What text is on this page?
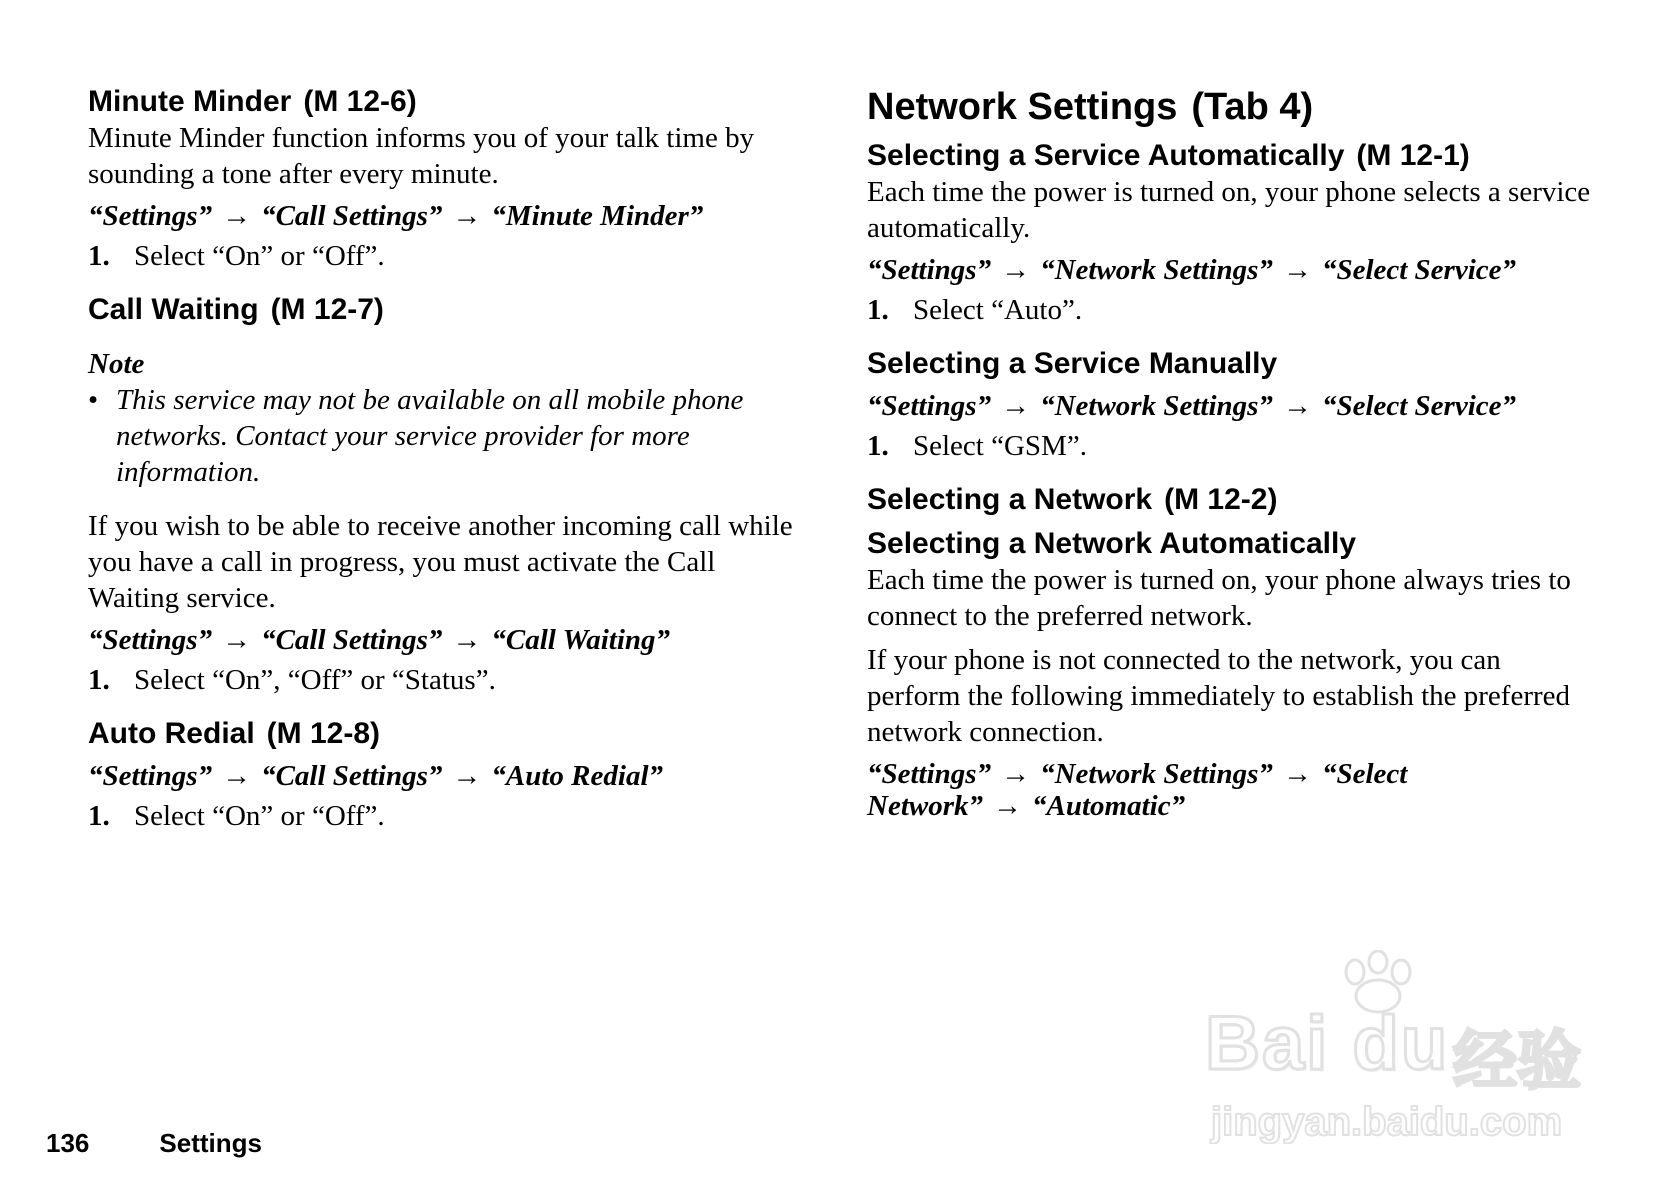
Minute Minder (M 12-6)

Minute Minder function informs you of your talk time by sounding a tone after every minute.

“Settings” → “Call Settings” → “Minute Minder”
1. Select “On” or “Off”.
Call Waiting (M 12-7)

Note

• This service may not be available on all mobile phone networks. Contact your service provider for more information.

If you wish to be able to receive another incoming call while you have a call in progress, you must activate the Call Waiting service.

“Settings” → “Call Settings” → “Call Waiting”
1. Select “On”, “Off” or “Status”.
Auto Redial (M 12-8)
“Settings” → “Call Settings” → “Auto Redial”
1. Select “On” or “Off”.
Network Settings (Tab 4)
Selecting a Service Automatically (M 12-1)

Each time the power is turned on, your phone selects a service automatically.

“Settings” → “Network Settings” → “Select Service”
1. Select “Auto”.
Selecting a Service Manually
“Settings” → “Network Settings” → “Select Service”
1. Select “GSM”.
Selecting a Network (M 12-2)
Selecting a Network Automatically

Each time the power is turned on, your phone always tries to connect to the preferred network.

If your phone is not connected to the network, you can perform the following immediately to establish the preferred network connection.

“Settings” → “Network Settings” → “Select
Network” → “Automatic”
136	Settings
Bai du 经验
jingyan.baidu.com
